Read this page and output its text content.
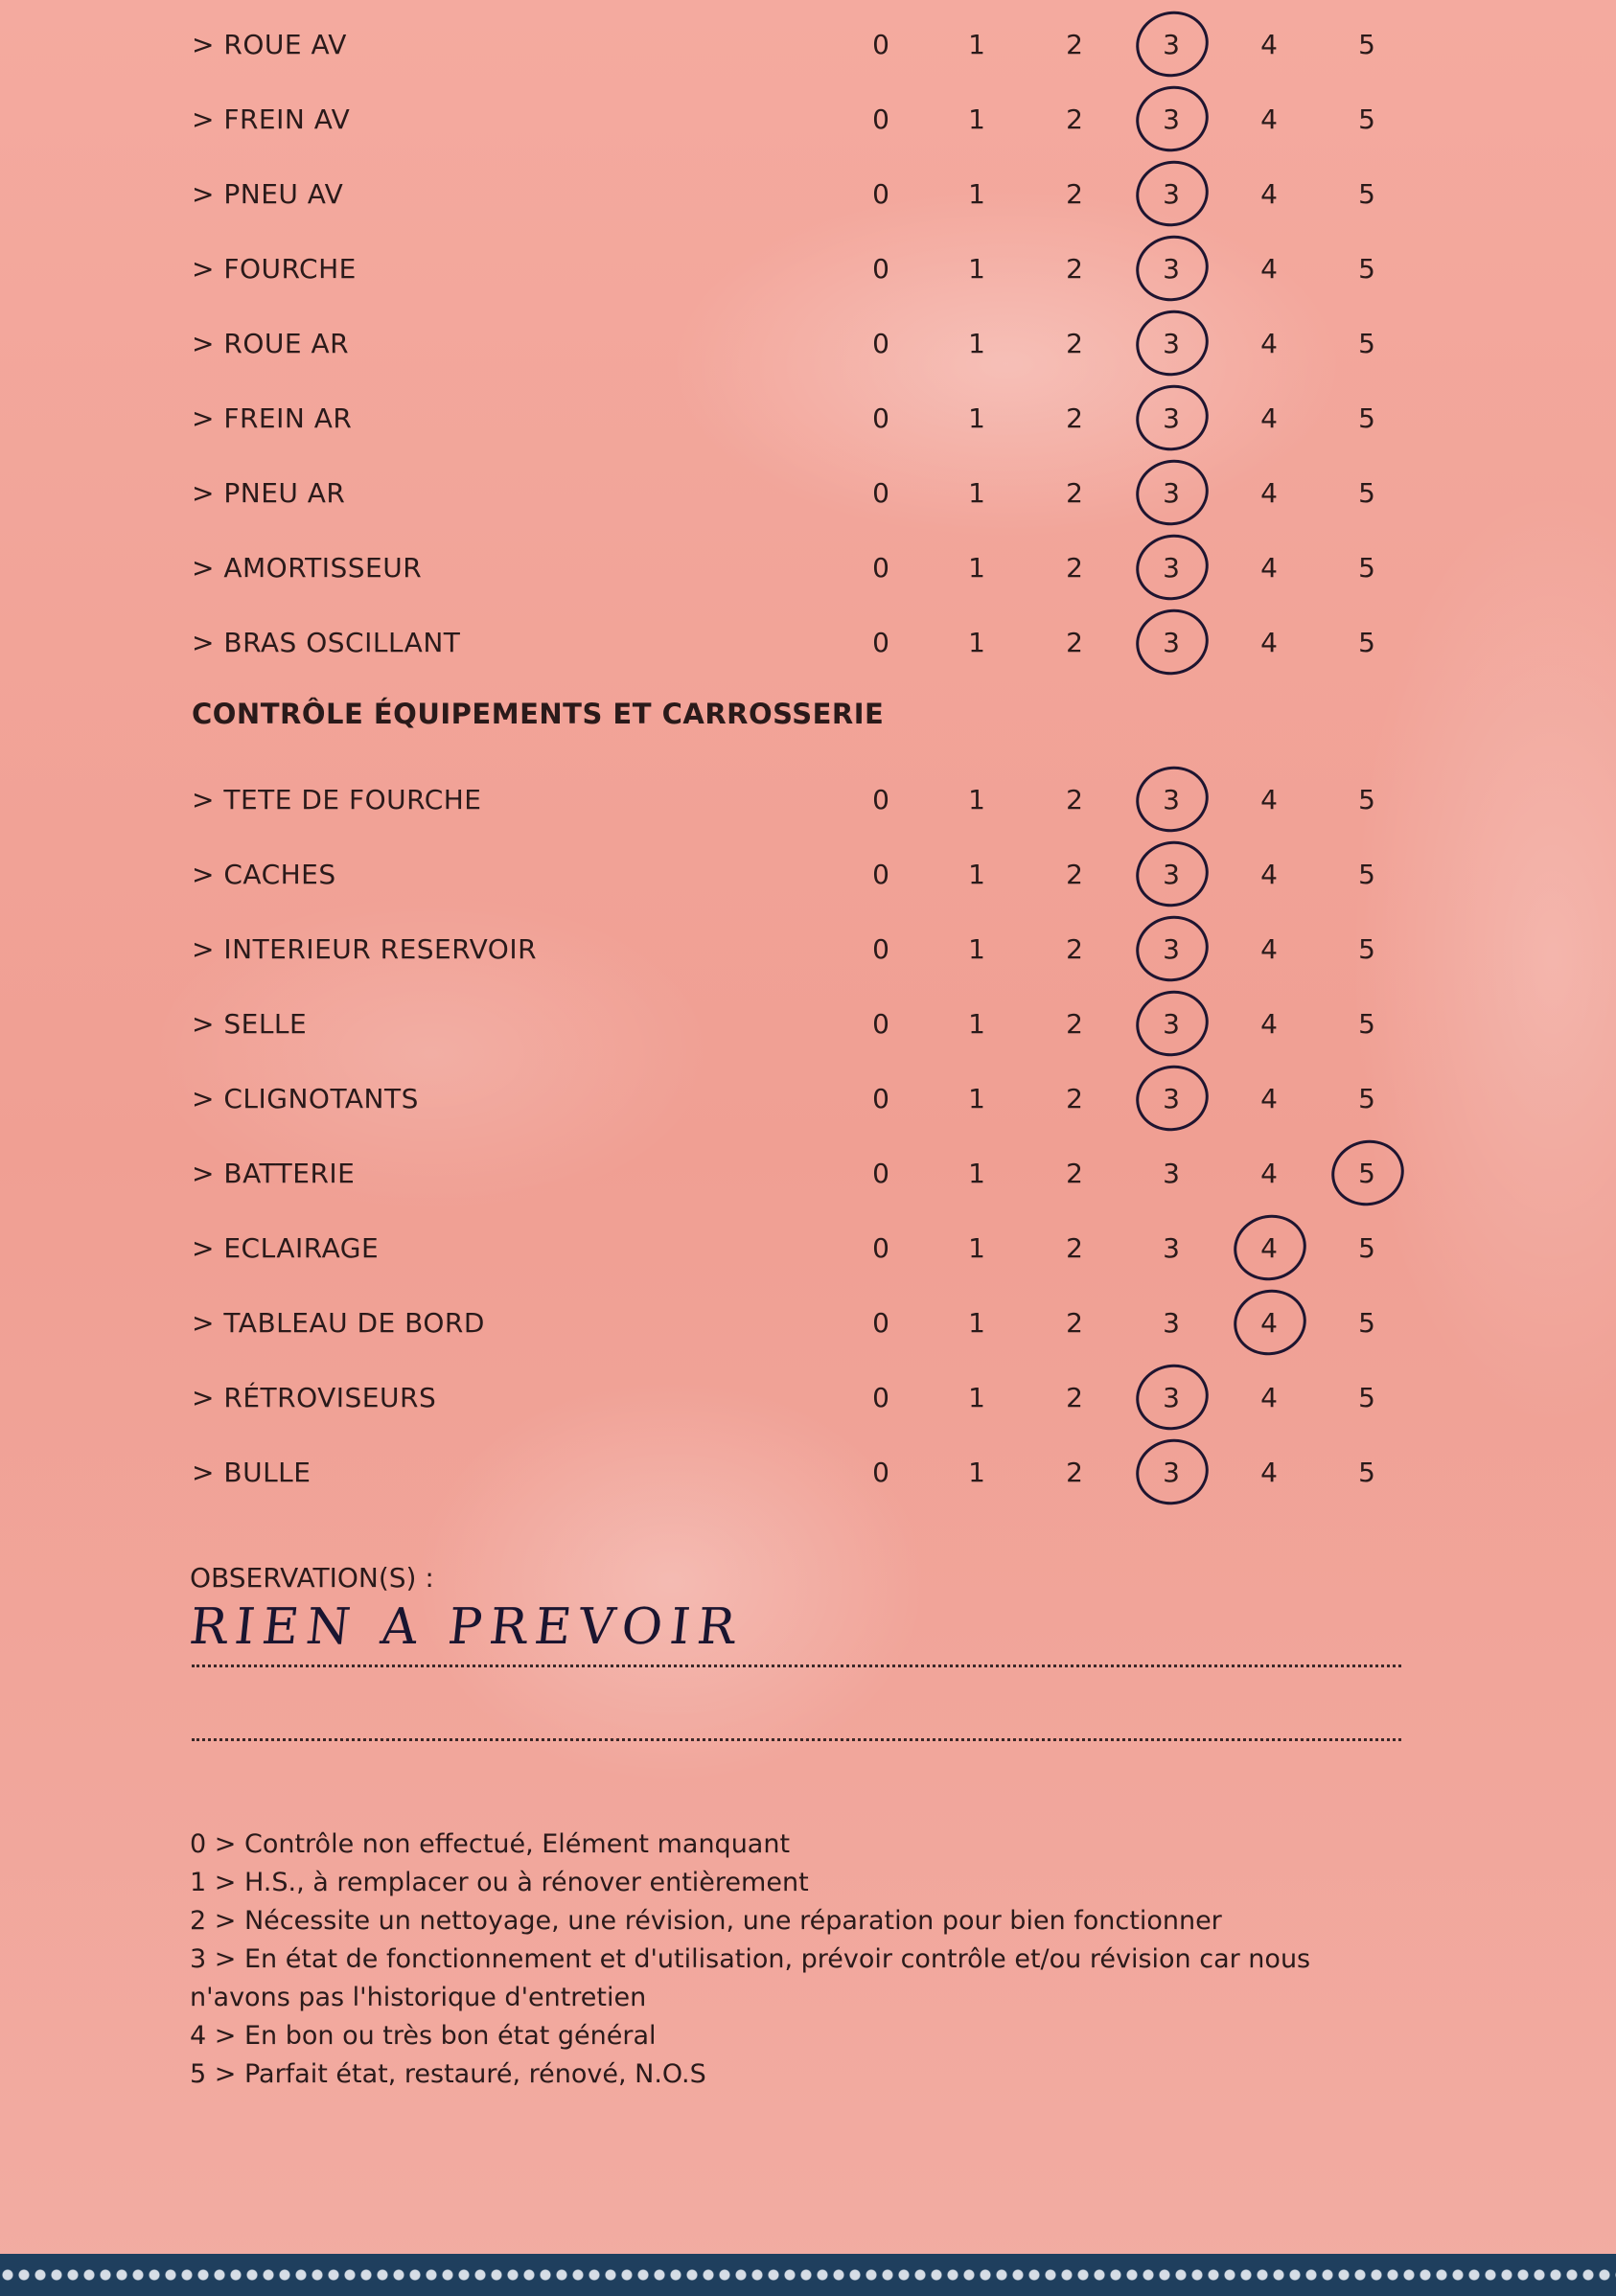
> ROUE AV	0	1	2	3	4	5
> FREIN AV	0	1	2	3	4	5
> PNEU AV	0	1	2	3	4	5
> FOURCHE	0	1	2	3	4	5
> ROUE AR	0	1	2	3	4	5
> FREIN AR	0	1	2	3	4	5
> PNEU AR	0	1	2	3	4	5
> AMORTISSEUR	0	1	2	3	4	5
> BRAS OSCILLANT	0	1	2	3	4	5
CONTRÔLE ÉQUIPEMENTS ET CARROSSERIE
> TETE DE FOURCHE	0	1	2	3	4	5
> CACHES	0	1	2	3	4	5
> INTERIEUR RESERVOIR	0	1	2	3	4	5
> SELLE	0	1	2	3	4	5
> CLIGNOTANTS	0	1	2	3	4	5
> BATTERIE	0	1	2	3	4	5
> ECLAIRAGE	0	1	2	3	4	5
> TABLEAU DE BORD	0	1	2	3	4	5
> RÉTROVISEURS	0	1	2	3	4	5
> BULLE	0	1	2	3	4	5
OBSERVATION(S) :
RIEN A PREVOIR
0 > Contrôle non effectué, Elément manquant
1 > H.S., à remplacer ou à rénover entièrement
2 > Nécessite un nettoyage, une révision, une réparation pour bien fonctionner
3 > En état de fonctionnement et d'utilisation, prévoir contrôle et/ou révision car nous
n'avons pas l'historique d'entretien
4 > En bon ou très bon état général
5 > Parfait état, restauré, rénové, N.O.S
